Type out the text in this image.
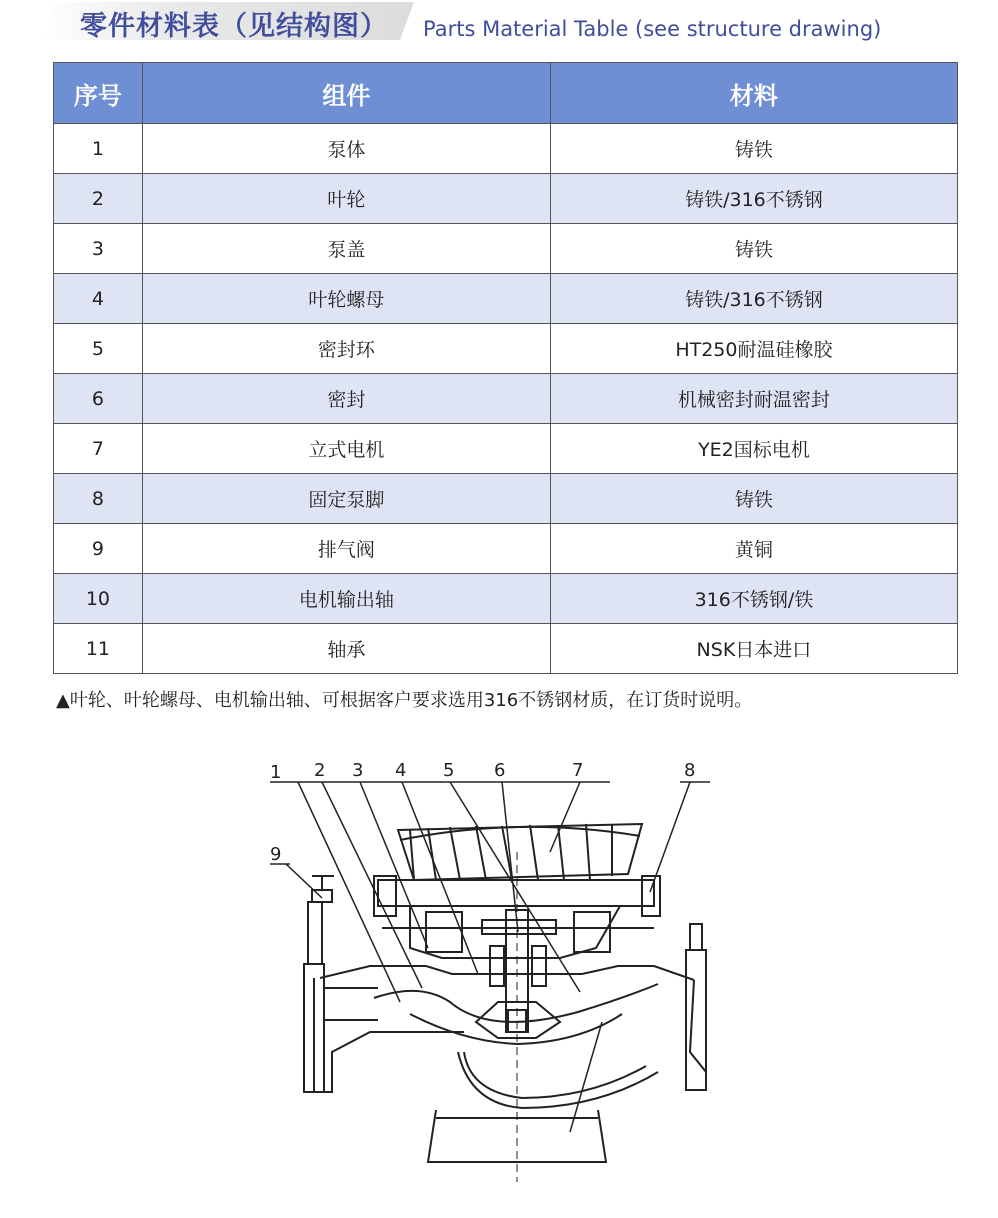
零件材料表（见结构图） Parts Material Table (see structure drawing)
序号	组件	材料
1	泵体	铸铁
2	叶轮	铸铁/316不锈钢
3	泵盖	铸铁
4	叶轮螺母	铸铁/316不锈钢
5	密封环	HT250耐温硅橡胶
6	密封	机械密封耐温密封
7	立式电机	YE2国标电机
8	固定泵脚	铸铁
9	排气阀	黄铜
10	电机输出轴	316不锈钢/铁
11	轴承	NSK日本进口
▲叶轮、叶轮螺母、电机输出轴、可根据客户要求选用316不锈钢材质，在订货时说明。
1 2 3 4 5 6	7	8
9
